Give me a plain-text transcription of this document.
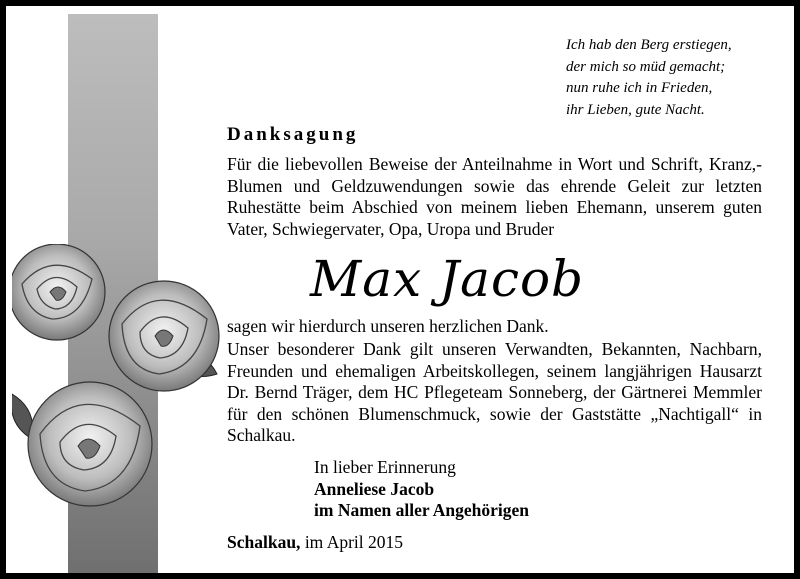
Ich hab den Berg erstiegen,
der mich so müd gemacht;
nun ruhe ich in Frieden,
ihr Lieben, gute Nacht.
Danksagung
Für die liebevollen Beweise der Anteilnahme in Wort und Schrift, Kranz,- Blumen und Geldzuwendungen sowie das ehrende Geleit zur letzten Ruhestätte beim Abschied von meinem lieben Ehemann, unserem guten Vater, Schwiegervater, Opa, Uropa und Bruder
Max Jacob
sagen wir hierdurch unseren herzlichen Dank.
Unser besonderer Dank gilt unseren Verwandten, Bekannten, Nachbarn, Freunden und ehemaligen Arbeitskollegen, seinem langjährigen Hausarzt Dr. Bernd Träger, dem HC Pflegeteam Sonneberg, der Gärtnerei Memmler für den schönen Blumenschmuck, sowie der Gaststätte „Nachtigall“ in Schalkau.
In lieber Erinnerung
Anneliese Jacob
im Namen aller Angehörigen
Schalkau, im April 2015
